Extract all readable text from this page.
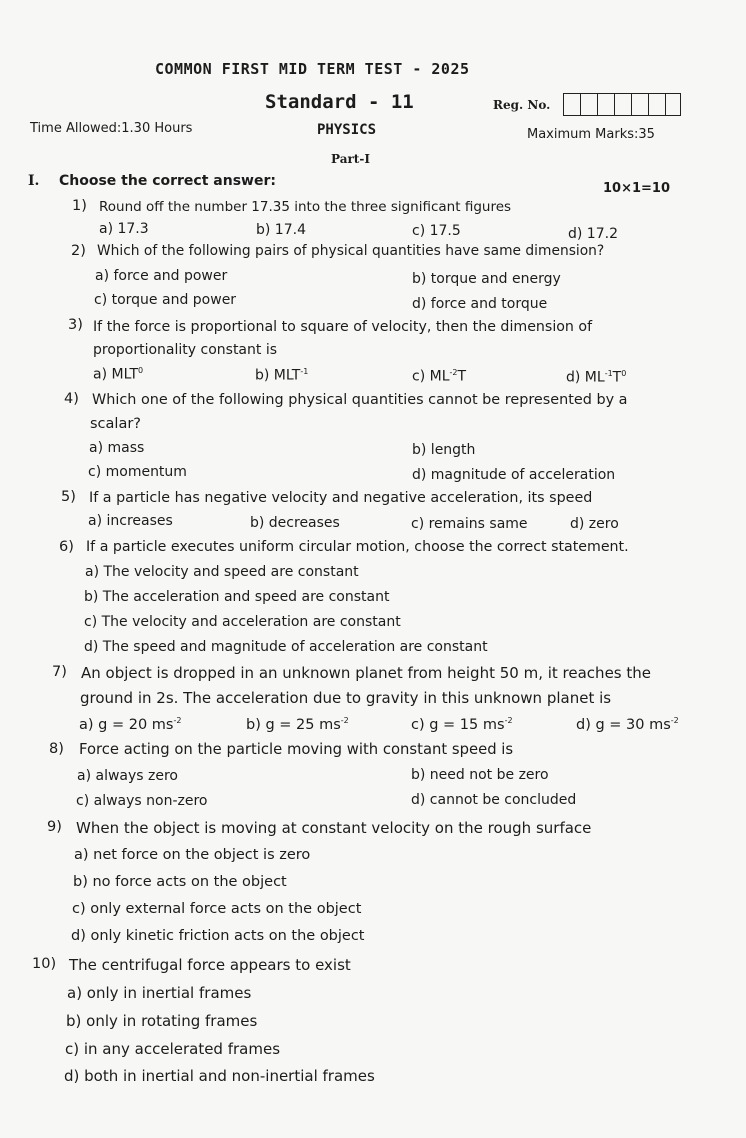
COMMON FIRST MID TERM TEST - 2025
Standard - 11	Reg. No.
Time Allowed:1.30 Hours	PHYSICS	Maximum Marks:35
Part-I
I. Choose the correct answer:	10×1=10
1) Round off the number 17.35 into the three significant figures
a) 17.3	b) 17.4	c) 17.5	d) 17.2
2) Which of the following pairs of physical quantities have same dimension?
a) force and power	b) torque and energy
c) torque and power	d) force and torque
3) If the force is proportional to square of velocity, then the dimension of
proportionality constant is
a) MLT$^0$	b) $MLT^{-1}$	c) $ML^{-2}T$	d) $ML^{-1}T^0$
4) Which one of the following physical quantities cannot be represented by a
scalar?
a) mass	b) length
c) momentum	d) magnitude of acceleration
5) If a particle has negative velocity and negative acceleration, its speed
a) increases	b) decreases	c) remains same	d) zero
6) If a particle executes uniform circular motion, choose the correct statement.
a) The velocity and speed are constant
b) The acceleration and speed are constant
c) The velocity and acceleration are constant
d) The speed and magnitude of acceleration are constant
7) An object is dropped in an unknown planet from height 50 m, it reaches the
ground in 2s. The acceleration due to gravity in this unknown planet is
a) g = 20 $ms^{-2}$	b) g = 25 $ms^{-2}$	c) g = 15 $ms^{-2}$	d) g = 30 $ms^{-2}$
8) Force acting on the particle moving with constant speed is
a) always zero	b) need not be zero
c) always non-zero	d) cannot be concluded
9) When the object is moving at constant velocity on the rough surface
a) net force on the object is zero
b) no force acts on the object
c) only external force acts on the object
d) only kinetic friction acts on the object
10) The centrifugal force appears to exist
a) only in inertial frames
b) only in rotating frames
c) in any accelerated frames
d) both in inertial and non-inertial frames
